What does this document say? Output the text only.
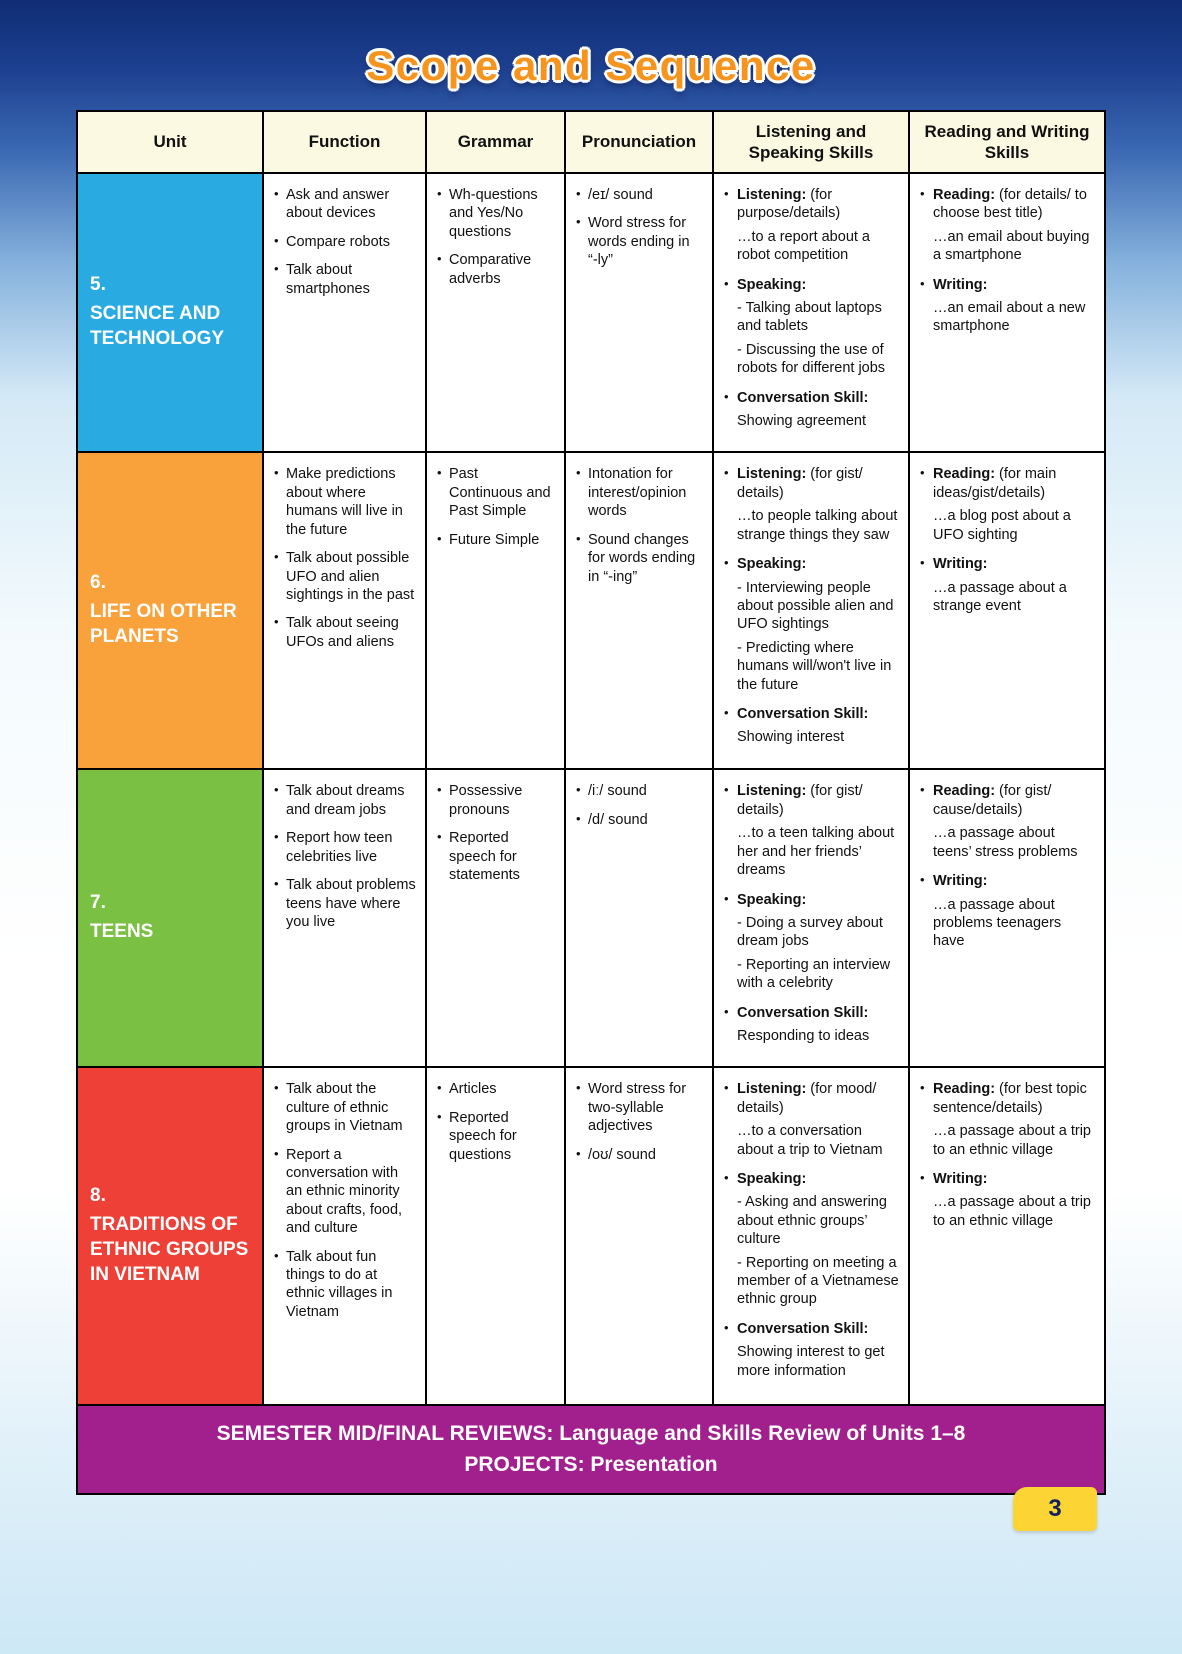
Scope and Sequence
Unit	Function	Grammar	Pronunciation	Listening and Speaking Skills	Reading and Writing Skills

5.
SCIENCE AND TECHNOLOGY

• Ask and answer about devices
• Compare robots
• Talk about smartphones

• Wh-questions and Yes/No questions
• Comparative adverbs

• /eɪ/ sound
• Word stress for words ending in “-ly”

• Listening: (for purpose/details)
…to a report about a robot competition
• Speaking:
- Talking about laptops and tablets
- Discussing the use of robots for different jobs
• Conversation Skill:
Showing agreement

• Reading: (for details/ to choose best title)
…an email about buying a smartphone
• Writing:
…an email about a new smartphone

6.
LIFE ON OTHER PLANETS

• Make predictions about where humans will live in the future
• Talk about possible UFO and alien sightings in the past
• Talk about seeing UFOs and aliens

• Past Continuous and Past Simple
• Future Simple

• Intonation for interest/opinion words
• Sound changes for words ending in “-ing”

• Listening: (for gist/ details)
…to people talking about strange things they saw
• Speaking:
- Interviewing people about possible alien and UFO sightings
- Predicting where humans will/won't live in the future
• Conversation Skill:
Showing interest

• Reading: (for main ideas/gist/details)
…a blog post about a UFO sighting
• Writing:
…a passage about a strange event

7.
TEENS

• Talk about dreams and dream jobs
• Report how teen celebrities live
• Talk about problems teens have where you live

• Possessive pronouns
• Reported speech for statements

• /iː/ sound
• /d/ sound

• Listening: (for gist/ details)
…to a teen talking about her and her friends’ dreams
• Speaking:
- Doing a survey about dream jobs
- Reporting an interview with a celebrity
• Conversation Skill:
Responding to ideas

• Reading: (for gist/ cause/details)
…a passage about teens’ stress problems
• Writing:
…a passage about problems teenagers have

8.
TRADITIONS OF ETHNIC GROUPS IN VIETNAM

• Talk about the culture of ethnic groups in Vietnam
• Report a conversation with an ethnic minority about crafts, food, and culture
• Talk about fun things to do at ethnic villages in Vietnam

• Articles
• Reported speech for questions

• Word stress for two-syllable adjectives
• /oʊ/ sound

• Listening: (for mood/ details)
…to a conversation about a trip to Vietnam
• Speaking:
- Asking and answering about ethnic groups’ culture
- Reporting on meeting a member of a Vietnamese ethnic group
• Conversation Skill:
Showing interest to get more information

• Reading: (for best topic sentence/details)
…a passage about a trip to an ethnic village
• Writing:
…a passage about a trip to an ethnic village

SEMESTER MID/FINAL REVIEWS: Language and Skills Review of Units 1–8
PROJECTS: Presentation					
3
